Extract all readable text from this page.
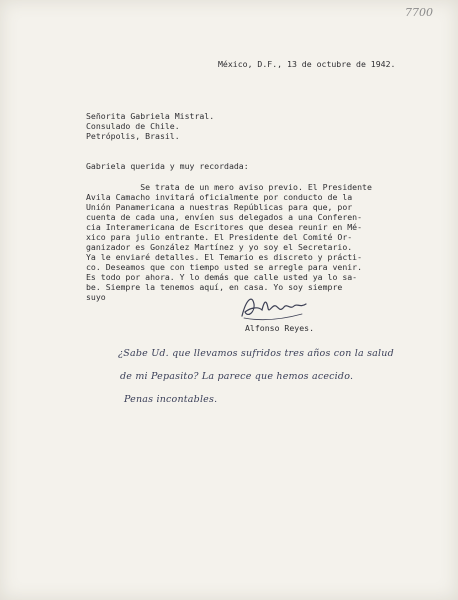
7700
México, D.F., 13 de octubre de 1942.
Señorita Gabriela Mistral.
Consulado de Chile.
Petrópolis, Brasil.
Gabriela querida y muy recordada:
Se trata de un mero aviso previo. El Presidente
Avila Camacho invitará oficialmente por conducto de la
Unión Panamericana a nuestras Repúblicas para que, por
cuenta de cada una, envíen sus delegados a una Conferen-
cia Interamericana de Escritores que desea reunir en Mé-
xico para julio entrante. El Presidente del Comité Or-
ganizador es González Martínez y yo soy el Secretario.
Ya le enviaré detalles. El Temario es discreto y prácti-
co. Deseamos que con tiempo usted se arregle para venir.
Es todo por ahora. Y lo demás que calle usted ya lo sa-
be. Siempre la tenemos aquí, en casa. Yo soy siempre
suyo
Alfonso Reyes.
¿Sabe Ud. que llevamos sufridos tres años con la salud
de mi Pepasito? La parece que hemos acecido.
Penas incontables.
